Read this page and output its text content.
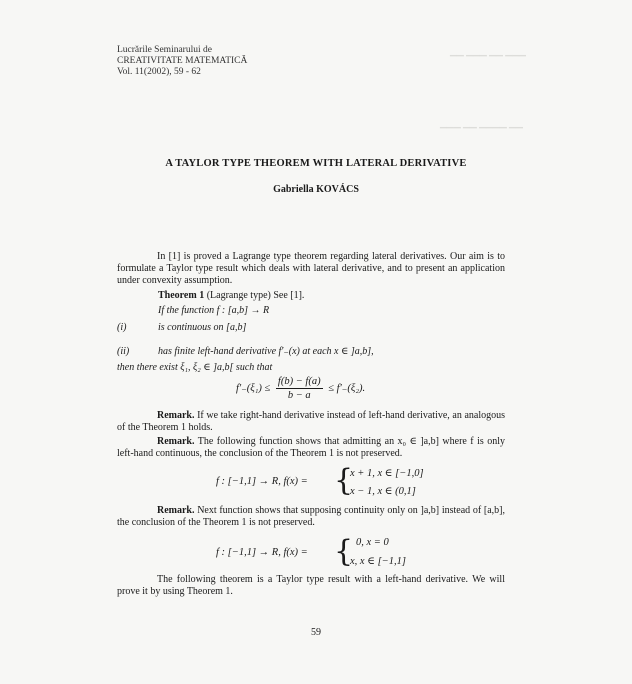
▁▁ ▁▁▁ ▁▁ ▁▁▁
▁▁▁ ▁▁ ▁▁▁▁ ▁▁
Lucrările Seminarului de
CREATIVITATE MATEMATICĂ
Vol. 11(2002), 59 - 62
A TAYLOR TYPE THEOREM WITH LATERAL DERIVATIVE
Gabriella KOVÁCS
In [1] is proved a Lagrange type theorem regarding lateral derivatives. Our aim is to formulate a Taylor type result which deals with lateral derivative, and to present an application under convexity assumption.
Theorem 1 (Lagrange type) See [1].
If the function f : [a,b] → R
(i)	is continuous on [a,b]
(ii)	has finite left-hand derivative f′₋(x) at each x ∈ ]a,b],
then there exist ξ₁, ξ₂ ∈ ]a,b[ such that
$f'_-(\xi_1) \le \frac{f(b) - f(a)}{b - a} \le f'_-(\xi_2)$.
Remark. If we take right-hand derivative instead of left-hand derivative, an analogous of the Theorem 1 holds.
Remark. The following function shows that admitting an x₀ ∈ ]a,b] where f is only left-hand continuous, the conclusion of the Theorem 1 is not preserved.
f : [−1,1] → R, f(x) = {
x + 1, x ∈ [−1,0]
x − 1, x ∈ (0,1]
Remark. Next function shows that supposing continuity only on ]a,b] instead of [a,b], the conclusion of the Theorem 1 is not preserved.
f : [−1,1] → R, f(x) = { 0, x = 0
x, x ∈ [−1,1]
The following theorem is a Taylor type result with a left-hand derivative. We will prove it by using Theorem 1.
59
